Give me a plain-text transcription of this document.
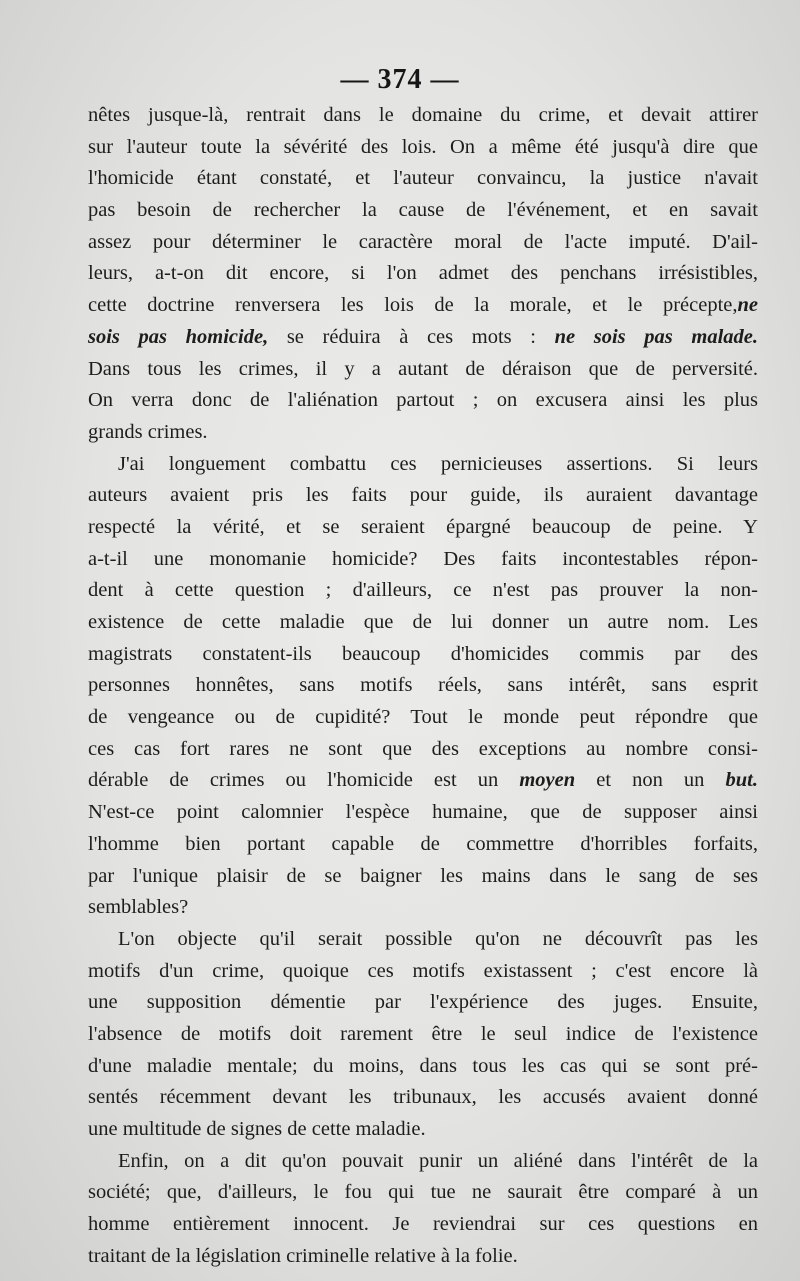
— 374 —

nêtes jusque-là, rentrait dans le domaine du crime, et devait attirer
sur l'auteur toute la sévérité des lois. On a même été jusqu'à dire que
l'homicide étant constaté, et l'auteur convaincu, la justice n'avait
pas besoin de rechercher la cause de l'événement, et en savait
assez pour déterminer le caractère moral de l'acte imputé. D'ail-
leurs, a-t-on dit encore, si l'on admet des penchans irrésistibles,
cette doctrine renversera les lois de la morale, et le précepte,ne
sois pas homicide, se réduira à ces mots : ne sois pas malade.
Dans tous les crimes, il y a autant de déraison que de perversité.
On verra donc de l'aliénation partout ; on excusera ainsi les plus
grands crimes.

J'ai longuement combattu ces pernicieuses assertions. Si leurs
auteurs avaient pris les faits pour guide, ils auraient davantage
respecté la vérité, et se seraient épargné beaucoup de peine. Y
a-t-il une monomanie homicide? Des faits incontestables répon-
dent à cette question ; d'ailleurs, ce n'est pas prouver la non-
existence de cette maladie que de lui donner un autre nom. Les
magistrats constatent-ils beaucoup d'homicides commis par des
personnes honnêtes, sans motifs réels, sans intérêt, sans esprit
de vengeance ou de cupidité? Tout le monde peut répondre que
ces cas fort rares ne sont que des exceptions au nombre consi-
dérable de crimes ou l'homicide est un moyen et non un but.
N'est-ce point calomnier l'espèce humaine, que de supposer ainsi
l'homme bien portant capable de commettre d'horribles forfaits,
par l'unique plaisir de se baigner les mains dans le sang de ses
semblables?

L'on objecte qu'il serait possible qu'on ne découvrît pas les
motifs d'un crime, quoique ces motifs existassent ; c'est encore là
une supposition démentie par l'expérience des juges. Ensuite,
l'absence de motifs doit rarement être le seul indice de l'existence
d'une maladie mentale; du moins, dans tous les cas qui se sont pré-
sentés récemment devant les tribunaux, les accusés avaient donné
une multitude de signes de cette maladie.

Enfin, on a dit qu'on pouvait punir un aliéné dans l'intérêt de la
société; que, d'ailleurs, le fou qui tue ne saurait être comparé à un
homme entièrement innocent. Je reviendrai sur ces questions en
traitant de la législation criminelle relative à la folie.
